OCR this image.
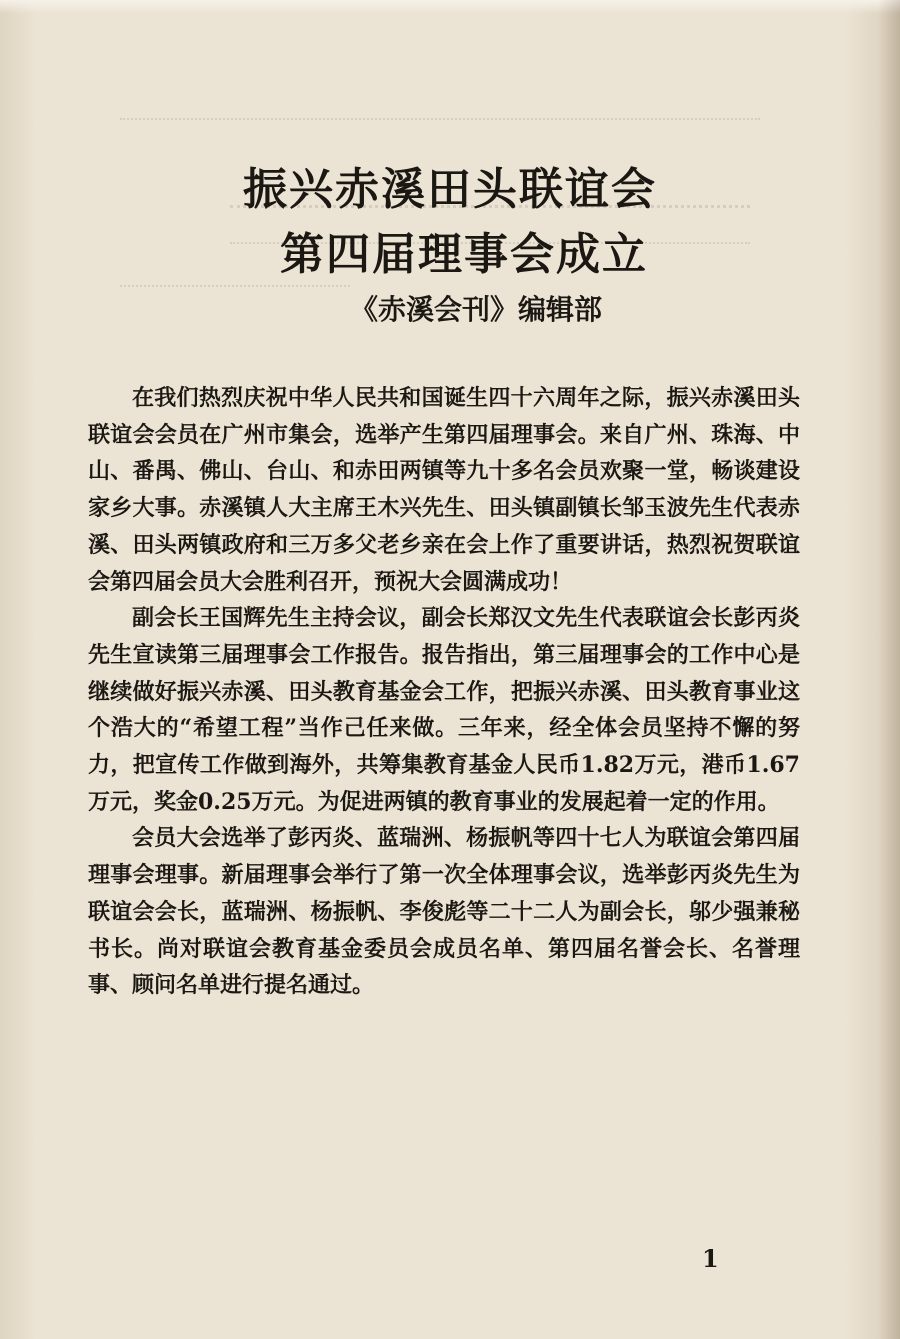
振兴赤溪田头联谊会
第四届理事会成立
《赤溪会刊》编辑部

在我们热烈庆祝中华人民共和国诞生四十六周年之际，振兴赤溪田头联谊会会员在广州市集会，选举产生第四届理事会。来自广州、珠海、中山、番禺、佛山、台山、和赤田两镇等九十多名会员欢聚一堂，畅谈建设家乡大事。赤溪镇人大主席王木兴先生、田头镇副镇长邹玉波先生代表赤溪、田头两镇政府和三万多父老乡亲在会上作了重要讲话，热烈祝贺联谊会第四届会员大会胜利召开，预祝大会圆满成功！

副会长王国辉先生主持会议，副会长郑汉文先生代表联谊会长彭丙炎先生宣读第三届理事会工作报告。报告指出，第三届理事会的工作中心是继续做好振兴赤溪、田头教育基金会工作，把振兴赤溪、田头教育事业这个浩大的“希望工程”当作己任来做。三年来，经全体会员坚持不懈的努力，把宣传工作做到海外，共筹集教育基金人民币1.82万元，港币1.67万元，奖金0.25万元。为促进两镇的教育事业的发展起着一定的作用。

会员大会选举了彭丙炎、蓝瑞洲、杨振帆等四十七人为联谊会第四届理事会理事。新届理事会举行了第一次全体理事会议，选举彭丙炎先生为联谊会会长，蓝瑞洲、杨振帆、李俊彪等二十二人为副会长，邬少强兼秘书长。尚对联谊会教育基金委员会成员名单、第四届名誉会长、名誉理事、顾问名单进行提名通过。

1
